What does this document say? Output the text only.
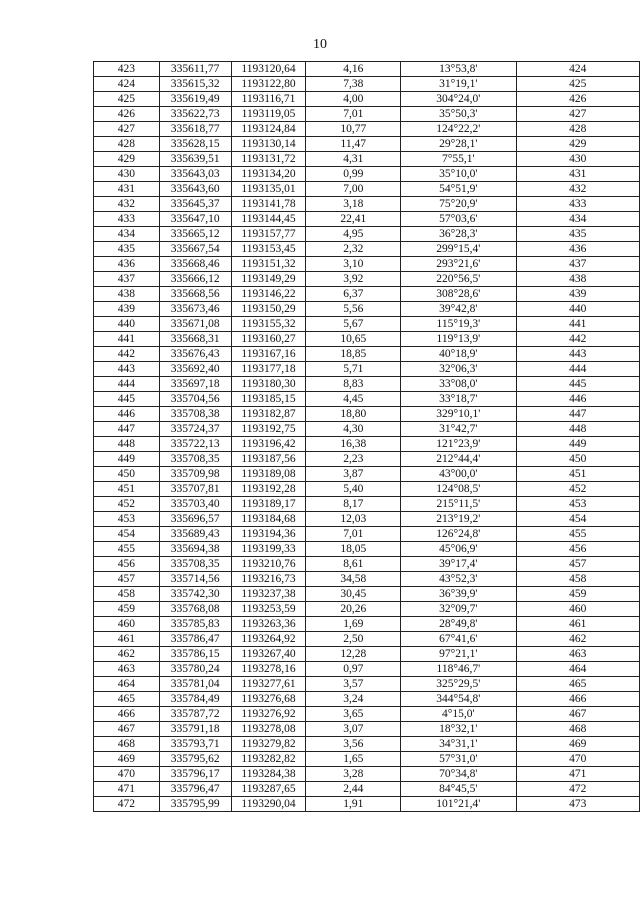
10
423	335611,77	1193120,64	4,16	13°53,8'	424
424	335615,32	1193122,80	7,38	31°19,1'	425
425	335619,49	1193116,71	4,00	304°24,0'	426
426	335622,73	1193119,05	7,01	35°50,3'	427
427	335618,77	1193124,84	10,77	124°22,2'	428
428	335628,15	1193130,14	11,47	29°28,1'	429
429	335639,51	1193131,72	4,31	7°55,1'	430
430	335643,03	1193134,20	0,99	35°10,0'	431
431	335643,60	1193135,01	7,00	54°51,9'	432
432	335645,37	1193141,78	3,18	75°20,9'	433
433	335647,10	1193144,45	22,41	57°03,6'	434
434	335665,12	1193157,77	4,95	36°28,3'	435
435	335667,54	1193153,45	2,32	299°15,4'	436
436	335668,46	1193151,32	3,10	293°21,6'	437
437	335666,12	1193149,29	3,92	220°56,5'	438
438	335668,56	1193146,22	6,37	308°28,6'	439
439	335673,46	1193150,29	5,56	39°42,8'	440
440	335671,08	1193155,32	5,67	115°19,3'	441
441	335668,31	1193160,27	10,65	119°13,9'	442
442	335676,43	1193167,16	18,85	40°18,9'	443
443	335692,40	1193177,18	5,71	32°06,3'	444
444	335697,18	1193180,30	8,83	33°08,0'	445
445	335704,56	1193185,15	4,45	33°18,7'	446
446	335708,38	1193182,87	18,80	329°10,1'	447
447	335724,37	1193192,75	4,30	31°42,7'	448
448	335722,13	1193196,42	16,38	121°23,9'	449
449	335708,35	1193187,56	2,23	212°44,4'	450
450	335709,98	1193189,08	3,87	43°00,0'	451
451	335707,81	1193192,28	5,40	124°08,5'	452
452	335703,40	1193189,17	8,17	215°11,5'	453
453	335696,57	1193184,68	12,03	213°19,2'	454
454	335689,43	1193194,36	7,01	126°24,8'	455
455	335694,38	1193199,33	18,05	45°06,9'	456
456	335708,35	1193210,76	8,61	39°17,4'	457
457	335714,56	1193216,73	34,58	43°52,3'	458
458	335742,30	1193237,38	30,45	36°39,9'	459
459	335768,08	1193253,59	20,26	32°09,7'	460
460	335785,83	1193263,36	1,69	28°49,8'	461
461	335786,47	1193264,92	2,50	67°41,6'	462
462	335786,15	1193267,40	12,28	97°21,1'	463
463	335780,24	1193278,16	0,97	118°46,7'	464
464	335781,04	1193277,61	3,57	325°29,5'	465
465	335784,49	1193276,68	3,24	344°54,8'	466
466	335787,72	1193276,92	3,65	4°15,0'	467
467	335791,18	1193278,08	3,07	18°32,1'	468
468	335793,71	1193279,82	3,56	34°31,1'	469
469	335795,62	1193282,82	1,65	57°31,0'	470
470	335796,17	1193284,38	3,28	70°34,8'	471
471	335796,47	1193287,65	2,44	84°45,5'	472
472	335795,99	1193290,04	1,91	101°21,4'	473
